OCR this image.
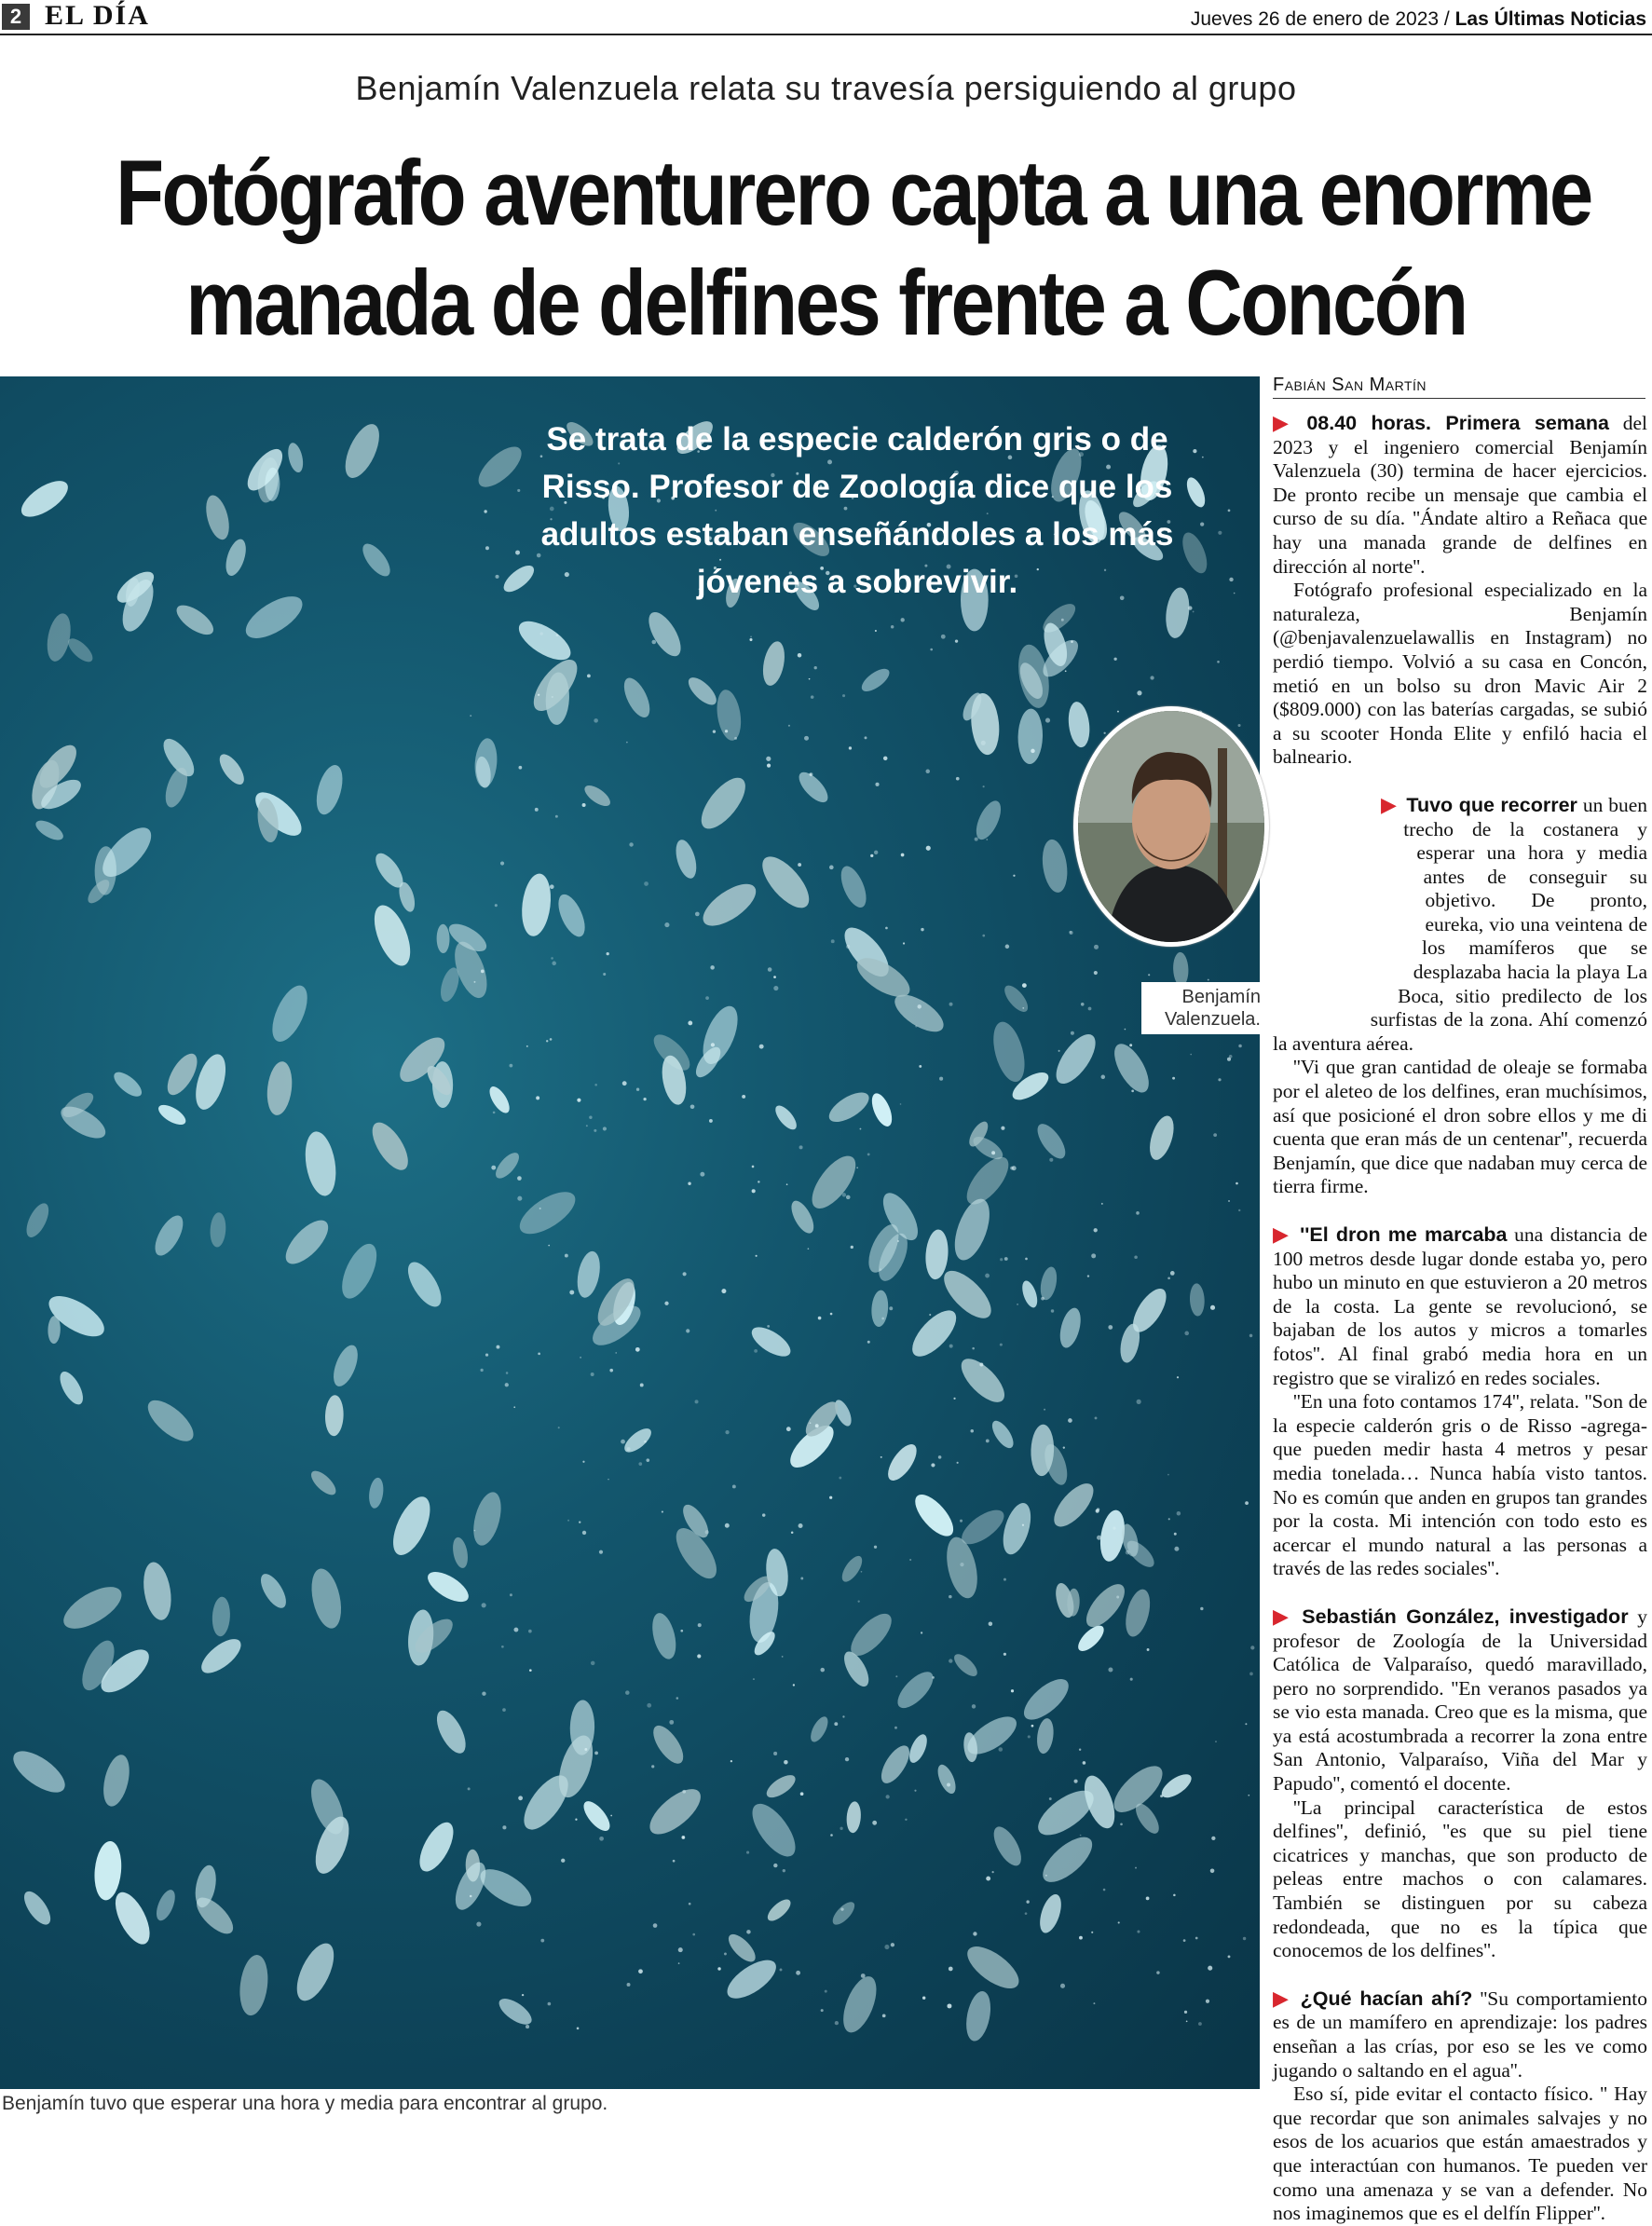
2 EL DÍA	Jueves 26 de enero de 2023 / Las Últimas Noticias
Benjamín Valenzuela relata su travesía persiguiendo al grupo
Fotógrafo aventurero capta a una enorme
manada de delfines frente a Concón
Se trata de la especie calderón gris o de Risso. Profesor de Zoología dice que los adultos estaban enseñándoles a los más jóvenes a sobrevivir.
Benjamín tuvo que esperar una hora y media para encontrar al grupo.
Benjamín Valenzuela.
Fabián San Martín

▶ 08.40 horas. Primera semana del 2023 y el ingeniero comercial Benjamín Valenzuela (30) termina de hacer ejercicios. De pronto recibe un mensaje que cambia el curso de su día. ''Ándate altiro a Reñaca que hay una manada grande de delfines en dirección al norte''.

Fotógrafo profesional especializado en la naturaleza, Benjamín (@benjavalenzuelawallis en Instagram) no perdió tiempo. Volvió a su casa en Concón, metió en un bolso su dron Mavic Air 2 ($809.000) con las baterías cargadas, se subió a su scooter Honda Elite y enfiló hacia el balneario.

▶ Tuvo que recorrer un buen trecho de la costanera y esperar una hora y media antes de conseguir su objetivo. De pronto, eureka, vio una veintena de los mamíferos que se desplazaba hacia la playa La Boca, sitio predilecto de los surfistas de la zona. Ahí comenzó la aventura aérea.

''Vi que gran cantidad de oleaje se formaba por el aleteo de los delfines, eran muchísimos, así que posicioné el dron sobre ellos y me di cuenta que eran más de un centenar'', recuerda Benjamín, que dice que nadaban muy cerca de tierra firme.

▶ ''El dron me marcaba una distancia de 100 metros desde lugar donde estaba yo, pero hubo un minuto en que estuvieron a 20 metros de la costa. La gente se revolucionó, se bajaban de los autos y micros a tomarles fotos''. Al final grabó media hora en un registro que se viralizó en redes sociales.

''En una foto contamos 174'', relata. ''Son de la especie calderón gris o de Risso -agrega- que pueden medir hasta 4 metros y pesar media tonelada… Nunca había visto tantos. No es común que anden en grupos tan grandes por la costa. Mi intención con todo esto es acercar el mundo natural a las personas a través de las redes sociales''.

▶ Sebastián González, investigador y profesor de Zoología de la Universidad Católica de Valparaíso, quedó maravillado, pero no sorprendido. ''En veranos pasados ya se vio esta manada. Creo que es la misma, que ya está acostumbrada a recorrer la zona entre San Antonio, Valparaíso, Viña del Mar y Papudo'', comentó el docente.

''La principal característica de estos delfines'', definió, ''es que su piel tiene cicatrices y manchas, que son producto de peleas entre machos o con calamares. También se distinguen por su cabeza redondeada, que no es la típica que conocemos de los delfines''.

▶ ¿Qué hacían ahí? ''Su comportamiento es de un mamífero en aprendizaje: los padres enseñan a las crías, por eso se les ve como jugando o saltando en el agua''.

Eso sí, pide evitar el contacto físico. '' Hay que recordar que son animales salvajes y no esos de los acuarios que están amaestrados y que interactúan con humanos. Te pueden ver como una amenaza y se van a defender. No nos imaginemos que es el delfín Flipper''.
